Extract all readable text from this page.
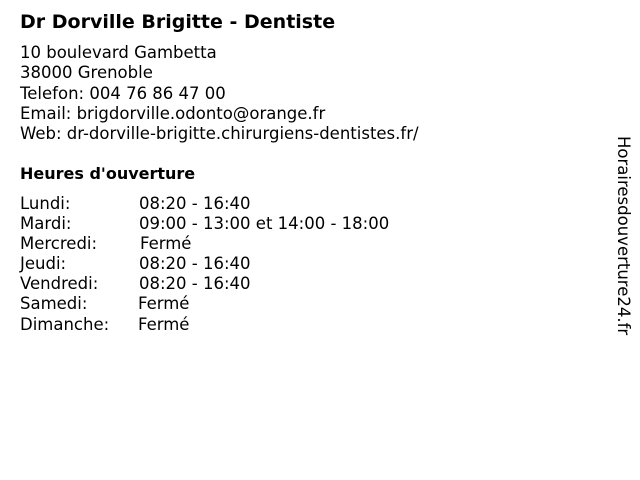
Dr Dorville Brigitte - Dentiste
10 boulevard Gambetta
38000 Grenoble
Telefon: 004 76 86 47 00
Email: brigdorville.odonto@orange.fr
Web: dr-dorville-brigitte.chirurgiens-dentistes.fr/
Heures d'ouverture
Lundi:	08:20 - 16:40
Mardi:	09:00 - 13:00 et 14:00 - 18:00
Mercredi:	Fermé
Jeudi:	08:20 - 16:40
Vendredi: 08:20 - 16:40
Samedi:	Fermé
Dimanche: Fermé	Horairesdouverture24.fr
